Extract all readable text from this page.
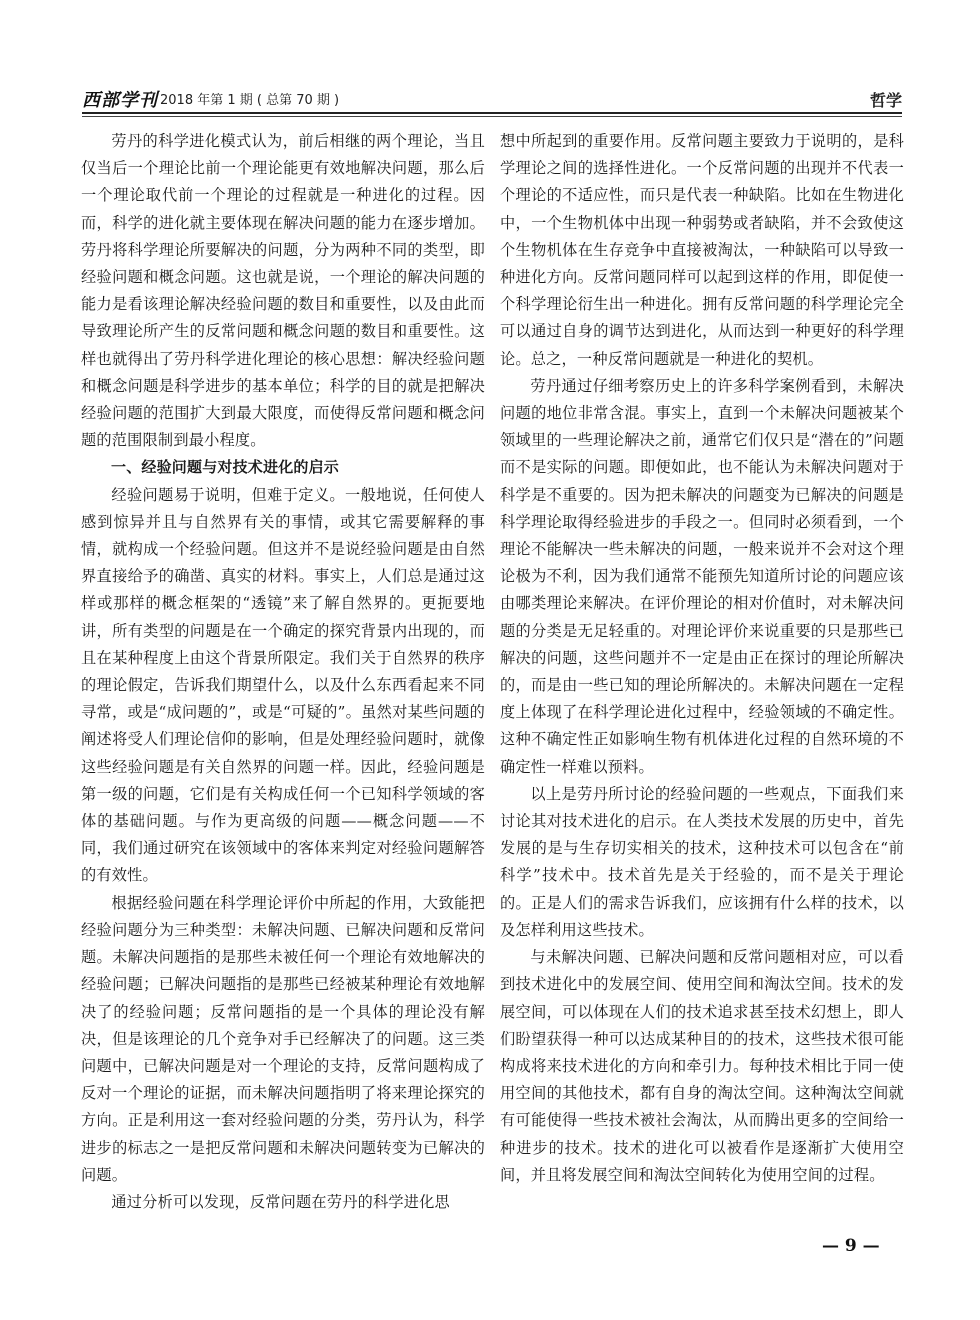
西部学刊 2018 年第 1 期 ( 总第 70 期 )	哲学

劳丹的科学进化模式认为，前后相继的两个理论，当且仅当后一个理论比前一个理论能更有效地解决问题，那么后一个理论取代前一个理论的过程就是一种进化的过程。因而，科学的进化就主要体现在解决问题的能力在逐步增加。劳丹将科学理论所要解决的问题，分为两种不同的类型，即经验问题和概念问题。这也就是说，一个理论的解决问题的能力是看该理论解决经验问题的数目和重要性，以及由此而导致理论所产生的反常问题和概念问题的数目和重要性。这样也就得出了劳丹科学进化理论的核心思想：解决经验问题和概念问题是科学进步的基本单位；科学的目的就是把解决经验问题的范围扩大到最大限度，而使得反常问题和概念问题的范围限制到最小程度。

一、经验问题与对技术进化的启示

经验问题易于说明，但难于定义。一般地说，任何使人感到惊异并且与自然界有关的事情，或其它需要解释的事情，就构成一个经验问题。但这并不是说经验问题是由自然界直接给予的确凿、真实的材料。事实上，人们总是通过这样或那样的概念框架的“透镜”来了解自然界的。更扼要地讲，所有类型的问题是在一个确定的探究背景内出现的，而且在某种程度上由这个背景所限定。我们关于自然界的秩序的理论假定，告诉我们期望什么，以及什么东西看起来不同寻常，或是“成问题的”，或是“可疑的”。虽然对某些问题的阐述将受人们理论信仰的影响，但是处理经验问题时，就像这些经验问题是有关自然界的问题一样。因此，经验问题是第一级的问题，它们是有关构成任何一个已知科学领域的客体的基础问题。与作为更高级的问题——概念问题——不同，我们通过研究在该领域中的客体来判定对经验问题解答的有效性。

根据经验问题在科学理论评价中所起的作用，大致能把经验问题分为三种类型：未解决问题、已解决问题和反常问题。未解决问题指的是那些未被任何一个理论有效地解决的经验问题；已解决问题指的是那些已经被某种理论有效地解决了的经验问题；反常问题指的是一个具体的理论没有解决，但是该理论的几个竞争对手已经解决了的问题。这三类问题中，已解决问题是对一个理论的支持，反常问题构成了反对一个理论的证据，而未解决问题指明了将来理论探究的方向。正是利用这一套对经验问题的分类，劳丹认为，科学进步的标志之一是把反常问题和未解决问题转变为已解决的问题。

通过分析可以发现，反常问题在劳丹的科学进化思

想中所起到的重要作用。反常问题主要致力于说明的，是科学理论之间的选择性进化。一个反常问题的出现并不代表一个理论的不适应性，而只是代表一种缺陷。比如在生物进化中，一个生物机体中出现一种弱势或者缺陷，并不会致使这个生物机体在生存竞争中直接被淘汰，一种缺陷可以导致一种进化方向。反常问题同样可以起到这样的作用，即促使一个科学理论衍生出一种进化。拥有反常问题的科学理论完全可以通过自身的调节达到进化，从而达到一种更好的科学理论。总之，一种反常问题就是一种进化的契机。

劳丹通过仔细考察历史上的许多科学案例看到，未解决问题的地位非常含混。事实上，直到一个未解决问题被某个领域里的一些理论解决之前，通常它们仅只是“潜在的”问题而不是实际的问题。即便如此，也不能认为未解决问题对于科学是不重要的。因为把未解决的问题变为已解决的问题是科学理论取得经验进步的手段之一。但同时必须看到，一个理论不能解决一些未解决的问题，一般来说并不会对这个理论极为不利，因为我们通常不能预先知道所讨论的问题应该由哪类理论来解决。在评价理论的相对价值时，对未解决问题的分类是无足轻重的。对理论评价来说重要的只是那些已解决的问题，这些问题并不一定是由正在探讨的理论所解决的，而是由一些已知的理论所解决的。未解决问题在一定程度上体现了在科学理论进化过程中，经验领域的不确定性。这种不确定性正如影响生物有机体进化过程的自然环境的不确定性一样难以预料。

以上是劳丹所讨论的经验问题的一些观点，下面我们来讨论其对技术进化的启示。在人类技术发展的历史中，首先发展的是与生存切实相关的技术，这种技术可以包含在“前科学”技术中。技术首先是关于经验的，而不是关于理论的。正是人们的需求告诉我们，应该拥有什么样的技术，以及怎样利用这些技术。

与未解决问题、已解决问题和反常问题相对应，可以看到技术进化中的发展空间、使用空间和淘汰空间。技术的发展空间，可以体现在人们的技术追求甚至技术幻想上，即人们盼望获得一种可以达成某种目的的技术，这些技术很可能构成将来技术进化的方向和牵引力。每种技术相比于同一使用空间的其他技术，都有自身的淘汰空间。这种淘汰空间就有可能使得一些技术被社会淘汰，从而腾出更多的空间给一种进步的技术。技术的进化可以被看作是逐渐扩大使用空间，并且将发展空间和淘汰空间转化为使用空间的过程。

— 9 —
